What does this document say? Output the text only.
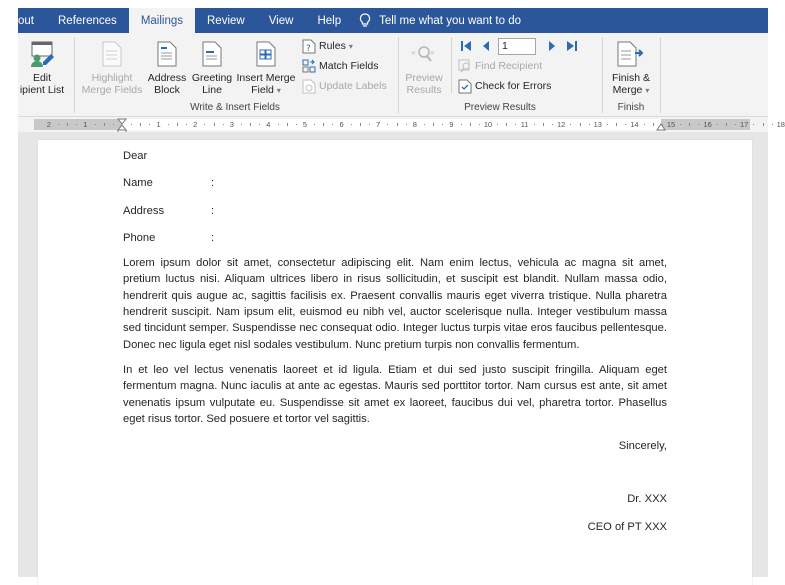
out	References	Mailings	Review	View	Help	Tell me what you want to do
Edit
ipient List
Highlight
Merge Fields
Address
Block
Greeting
Line
Insert Merge
Field ▾
? Rules ▾
Match Fields
Update Labels
Write & Insert Fields
« »
Preview
Results
1
Find Recipient
Check for Errors
Preview Results
Finish &
Merge ▾
Finish
2	1	1	2	3	4	5	6	7	8	9	10	11	12	13	14	15	16	17	18
Dear
Name	:
Address	:
Phone	:
Lorem ipsum dolor sit amet, consectetur adipiscing elit. Nam enim lectus, vehicula ac magna sit amet, pretium luctus nisi. Aliquam ultrices libero in risus sollicitudin, et suscipit est blandit. Nullam massa odio, hendrerit quis augue ac, sagittis facilisis ex. Praesent convallis mauris eget viverra tristique. Nulla pharetra hendrerit suscipit. Nam ipsum elit, euismod eu nibh vel, auctor scelerisque nulla. Integer vestibulum massa sed tincidunt semper. Suspendisse nec consequat odio. Integer luctus turpis vitae eros faucibus pellentesque. Donec nec ligula eget nisl sodales vestibulum. Nunc pretium turpis non convallis fermentum.
In et leo vel lectus venenatis laoreet et id ligula. Etiam et dui sed justo suscipit fringilla. Aliquam eget fermentum magna. Nunc iaculis at ante ac egestas. Mauris sed porttitor tortor. Nam cursus est ante, sit amet venenatis ipsum vulputate eu. Suspendisse sit amet ex laoreet, faucibus dui vel, pharetra tortor. Phasellus eget risus tortor. Sed posuere et tortor vel sagittis.
Sincerely,
Dr. XXX
CEO of PT XXX
